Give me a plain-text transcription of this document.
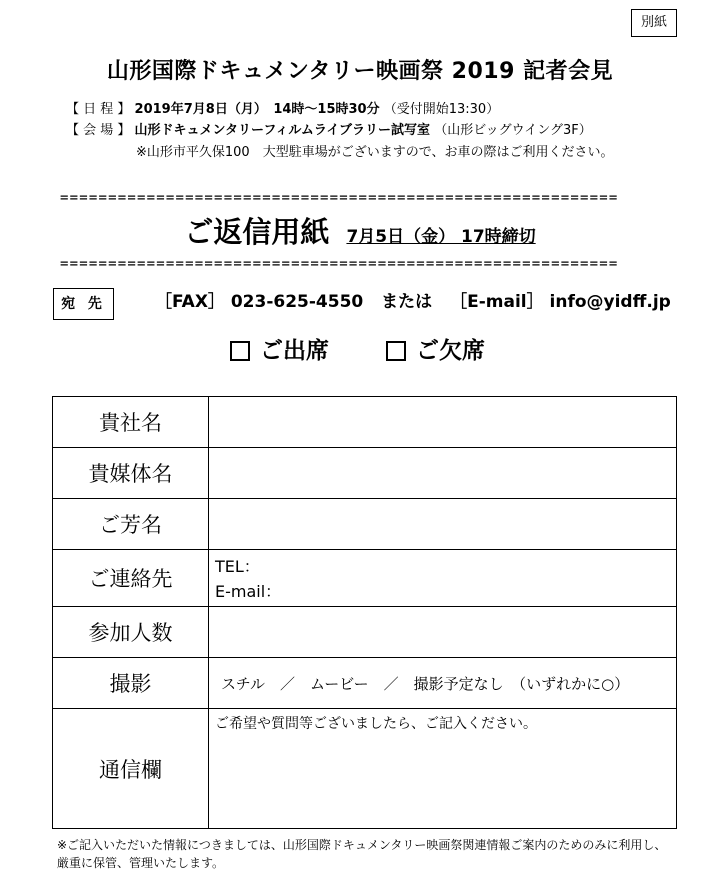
別紙
山形国際ドキュメンタリー映画祭 2019 記者会見
【 日 程 】 2019年7月8日（月）　14時〜15時30分 （受付開始13:30）
【 会 場 】 山形ドキュメンタリーフィルムライブラリー試写室 （山形ビッグウイング3F）
※山形市平久保100　大型駐車場がございますので、お車の際はご利用ください。
==========================================================
ご返信用紙 7月5日（金） 17時締切
==========================================================
宛 先	［FAX］ 023-625-4550 または ［E-mail］ info@yidff.jp
ご出席	ご欠席
貴社名	
貴媒体名	
ご芳名	
ご連絡先	TEL：
E-mail：

参加人数	
撮影	スチル　／　ムービー　／　撮影予定なし　（いずれかに○）
通信欄	ご希望や質問等ございましたら、ご記入ください。
※ご記入いただいた情報につきましては、山形国際ドキュメンタリー映画祭関連情報ご案内のためのみに利用し、厳重に保管、管理いたします。
